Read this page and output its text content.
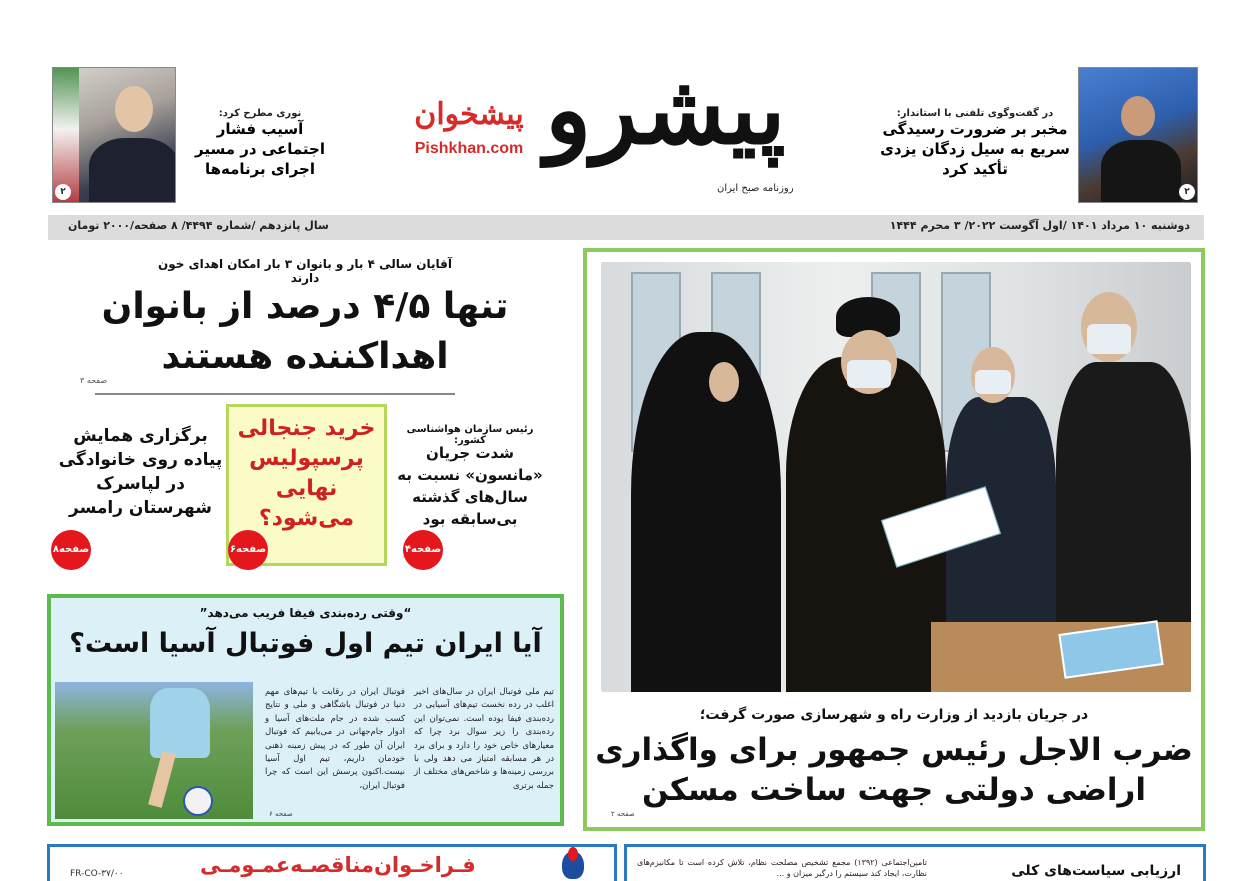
۲
نوری مطرح کرد:
آسیب فشار اجتماعی در مسیر اجرای برنامه‌ها
پیشخوان
Pishkhan.com پیشرو
روزنامه صبح ایران
در گفت‌وگوی تلفنی با استاندار:
مخبر بر ضرورت رسیدگی سریع به سیل زدگان یزدی تأکید کرد
۲
دوشنبه ۱۰ مرداد ۱۴۰۱ /اول آگوست ۲۰۲۲/ ۳ محرم ۱۴۴۴
سال پانزدهم /شماره ۴۴۹۴/ ۸ صفحه/۲۰۰۰ تومان
آقایان سالی ۴ بار و بانوان ۳ بار امکان اهدای خون دارند
تنها ۴/۵ درصد از بانوان اهداکننده هستند
صفحه ۳
برگزاری همایش پیاده روی خانوادگی در لپاسرک شهرستان رامسر
صفحه۸
خرید جنجالی پرسپولیس نهایی می‌شود؟
صفحه۶
رئیس سازمان هواشناسی کشور:
شدت جریان «مانسون» نسبت به سال‌های گذشته بی‌سابقه بود
صفحه۴
“وقتی رده‌بندی فیفا فریب می‌دهد”
آیا ایران تیم اول فوتبال آسیا است؟
تیم ملی فوتبال ایران در سال‌های اخیر اغلب در رده نخست تیم‌های آسیایی در رده‌بندی فیفا بوده است. نمی‌توان این رده‌بندی را زیر سوال برد چرا که معیارهای خاص خود را دارد و برای برد در هر مسابقه امتیاز می دهد ولی با بررسی زمینه‌ها و شاخص‌های مختلف از جمله برتری
فوتبال ایران در رقابت با تیم‌های مهم دنیا در فوتبال باشگاهی و ملی و نتایج کسب شده در جام ملت‌های آسیا و ادوار جام‌جهانی در می‌یابیم که فوتبال ایران آن طور که در پیش زمینه ذهنی خودمان داریم، تیم اول آسیا نیست.اکنون پرسش این است که چرا فوتبال ایران،
صفحه ۶
در جریان بازدید از وزارت راه و شهرسازی صورت گرفت؛
ضرب الاجل رئیس جمهور برای واگذاری اراضی دولتی جهت ساخت مسکن
صفحه ۲
فـراخـوان‌مناقصـه‌عمـومـی
FR-CO-۳۷/۰۰	ارزیابی سیاست‌های کلی
تامین‌اجتماعی (۱۳۹۲) مجمع تشخیص مصلحت نظام، تلاش کرده است تا مکانیزم‌های نظارت، ایجاد کند سیستم را درگیر میزان و ...
